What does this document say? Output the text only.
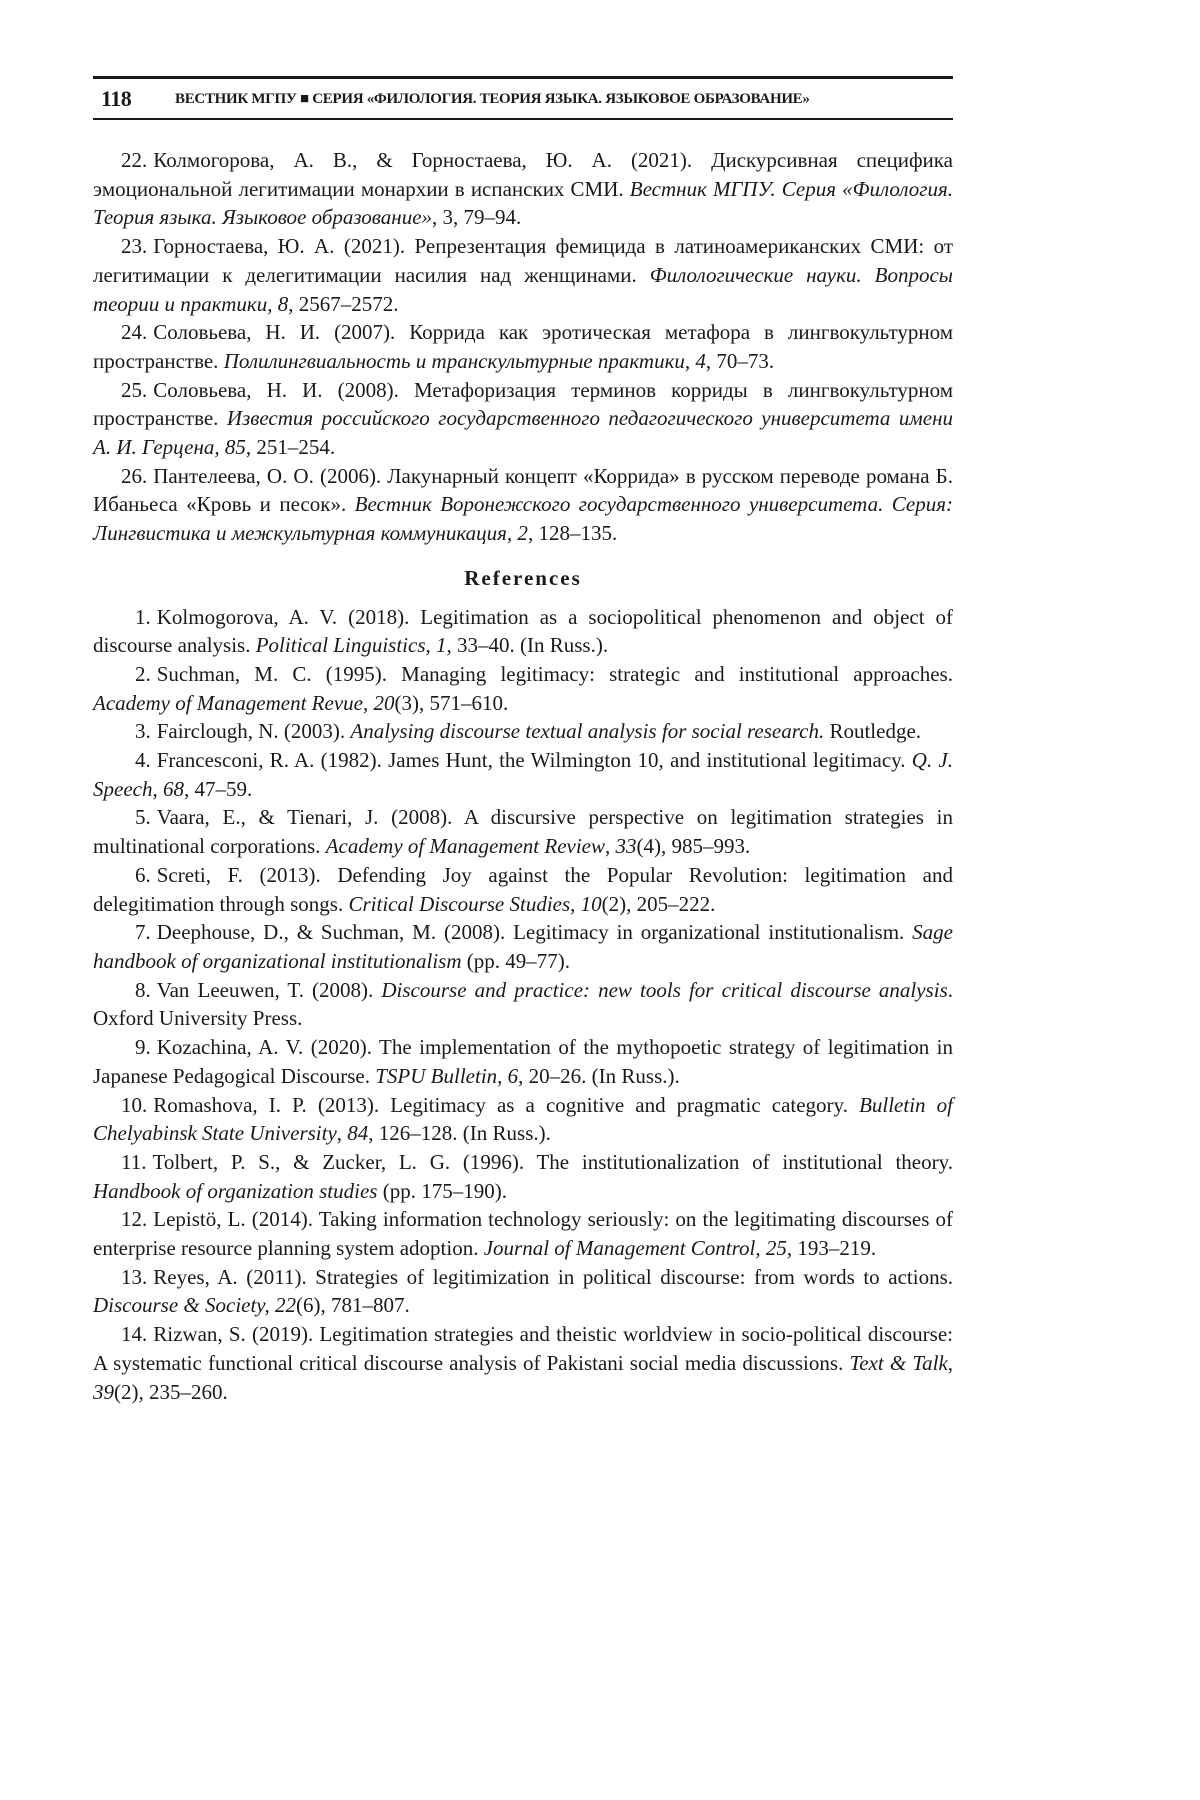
118	ВЕСТНИК МГПУ ■ СЕРИЯ «ФИЛОЛОГИЯ. ТЕОРИЯ ЯЗЫКА. ЯЗЫКОВОЕ ОБРАЗОВАНИЕ»

22. Колмогорова, А. В., & Горностаева, Ю. А. (2021). Дискурсивная специфика эмоциональной легитимации монархии в испанских СМИ. Вестник МГПУ. Серия «Филология. Теория языка. Языковое образование», 3, 79–94.

23. Горностаева, Ю. А. (2021). Репрезентация фемицида в латиноамериканских СМИ: от легитимации к делегитимации насилия над женщинами. Филологические науки. Вопросы теории и практики, 8, 2567–2572.

24. Соловьева, Н. И. (2007). Коррида как эротическая метафора в лингвокультурном пространстве. Полилингвиальность и транскультурные практики, 4, 70–73.

25. Соловьева, Н. И. (2008). Метафоризация терминов корриды в лингвокультурном пространстве. Известия российского государственного педагогического университета имени А. И. Герцена, 85, 251–254.

26. Пантелеева, О. О. (2006). Лакунарный концепт «Коррида» в русском переводе романа Б. Ибаньеса «Кровь и песок». Вестник Воронежского государственного университета. Серия: Лингвистика и межкультурная коммуникация, 2, 128–135.

References

1. Kolmogorova, A. V. (2018). Legitimation as a sociopolitical phenomenon and object of discourse analysis. Political Linguistics, 1, 33–40. (In Russ.).

2. Suchman, M. C. (1995). Managing legitimacy: strategic and institutional approaches. Academy of Management Revue, 20(3), 571–610.

3. Fairclough, N. (2003). Analysing discourse textual analysis for social research. Routledge.

4. Francesconi, R. A. (1982). James Hunt, the Wilmington 10, and institutional legitimacy. Q. J. Speech, 68, 47–59.

5. Vaara, E., & Tienari, J. (2008). A discursive perspective on legitimation strategies in multinational corporations. Academy of Management Review, 33(4), 985–993.

6. Screti, F. (2013). Defending Joy against the Popular Revolution: legitimation and delegitimation through songs. Critical Discourse Studies, 10(2), 205–222.

7. Deephouse, D., & Suchman, M. (2008). Legitimacy in organizational institutionalism. Sage handbook of organizational institutionalism (pp. 49–77).

8. Van Leeuwen, T. (2008). Discourse and practice: new tools for critical discourse analysis. Oxford University Press.

9. Kozachina, A. V. (2020). The implementation of the mythopoetic strategy of legitimation in Japanese Pedagogical Discourse. TSPU Bulletin, 6, 20–26. (In Russ.).

10. Romashova, I. P. (2013). Legitimacy as a cognitive and pragmatic category. Bulletin of Chelyabinsk State University, 84, 126–128. (In Russ.).

11. Tolbert, P. S., & Zucker, L. G. (1996). The institutionalization of institutional theory. Handbook of organization studies (pp. 175–190).

12. Lepistö, L. (2014). Taking information technology seriously: on the legitimating discourses of enterprise resource planning system adoption. Journal of Management Control, 25, 193–219.

13. Reyes, A. (2011). Strategies of legitimization in political discourse: from words to actions. Discourse & Society, 22(6), 781–807.

14. Rizwan, S. (2019). Legitimation strategies and theistic worldview in socio-political discourse: A systematic functional critical discourse analysis of Pakistani social media discussions. Text & Talk, 39(2), 235–260.
